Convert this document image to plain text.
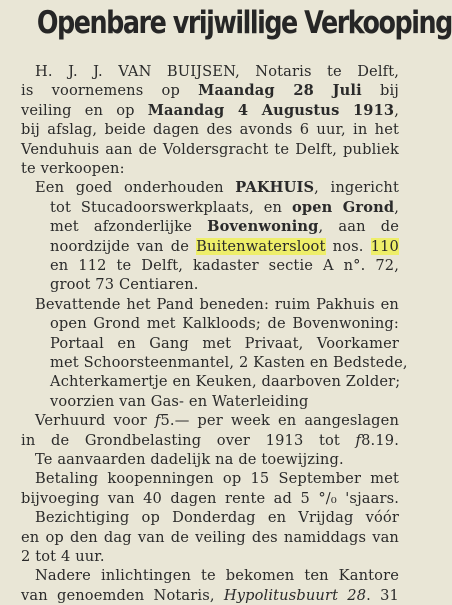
Openbare vrijwillige Verkooping
H. J. J. VAN BUIJSEN, Notaris te Delft,
is voornemens op Maandag 28 Juli bij
veiling en op Maandag 4 Augustus 1913,
bij afslag, beide dagen des avonds 6 uur, in het
Venduhuis aan de Voldersgracht te Delft, publiek
te verkoopen:
Een goed onderhouden PAKHUIS, ingericht
tot Stucadoorswerkplaats, en open Grond,
met afzonderlijke Bovenwoning, aan de
noordzijde van de Buitenwatersloot nos. 110
en 112 te Delft, kadaster sectie A n°. 72,
groot 73 Centiaren.
Bevattende het Pand beneden: ruim Pakhuis en
open Grond met Kalkloods; de Bovenwoning:
Portaal en Gang met Privaat, Voorkamer
met Schoorsteenmantel, 2 Kasten en Bedstede,
Achterkamertje en Keuken, daarboven Zolder;
voorzien van Gas- en Waterleiding
Verhuurd voor f5.— per week en aangeslagen
in de Grondbelasting over 1913 tot f8.19.
Te aanvaarden dadelijk na de toewijzing.
Betaling koopenningen op 15 September met
bijvoeging van 40 dagen rente ad 5 °/₀ 'sjaars.
Bezichtiging op Donderdag en Vrijdag vóór
en op den dag van de veiling des namiddags van
2 tot 4 uur.
Nadere inlichtingen te bekomen ten Kantore
van genoemden Notaris, Hypolitusbuurt 28. 31
